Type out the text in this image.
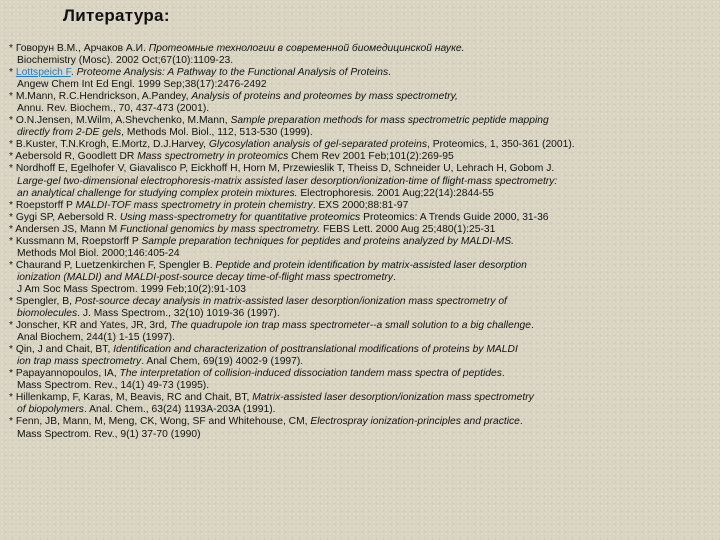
Литература:
* Говорун В.М., Арчаков А.И. Протеомные технологии в современной биомедицинской науке.
Biochemistry (Mosc). 2002 Oct;67(10):1109-23.
* Lottspeich F. Proteome Analysis: A Pathway to the Functional Analysis of Proteins.
Angew Chem Int Ed Engl. 1999 Sep;38(17):2476-2492
* M.Mann, R.C.Hendrickson, A.Pandey, Analysis of proteins and proteomes by mass spectrometry,
Annu. Rev. Biochem., 70, 437-473 (2001).
* O.N.Jensen, M.Wilm, A.Shevchenko, M.Mann, Sample preparation methods for mass spectrometric peptide mapping
directly from 2-DE gels, Methods Mol. Biol., 112, 513-530 (1999).
* B.Kuster, T.N.Krogh, E.Mortz, D.J.Harvey, Glycosylation analysis of gel-separated proteins, Proteomics, 1, 350-361 (2001).
* Aebersold R, Goodlett DR Mass spectrometry in proteomics Chem Rev 2001 Feb;101(2):269-95
* Nordhoff E, Egelhofer V, Giavalisco P, Eickhoff H, Horn M, Przewieslik T, Theiss D, Schneider U, Lehrach H, Gobom J.
Large-gel two-dimensional electrophoresis-matrix assisted laser desorption/ionization-time of flight-mass spectrometry:
an analytical challenge for studying complex protein mixtures. Electrophoresis. 2001 Aug;22(14):2844-55
* Roepstorff P MALDI-TOF mass spectrometry in protein chemistry. EXS 2000;88:81-97
* Gygi SP, Aebersold R. Using mass-spectrometry for quantitative proteomics Proteomics: A Trends Guide 2000, 31-36
* Andersen JS, Mann M Functional genomics by mass spectrometry. FEBS Lett. 2000 Aug 25;480(1):25-31
* Kussmann M, Roepstorff P Sample preparation techniques for peptides and proteins analyzed by MALDI-MS.
Methods Mol Biol. 2000;146:405-24
* Chaurand P, Luetzenkirchen F, Spengler B. Peptide and protein identification by matrix-assisted laser desorption
ionization (MALDI) and MALDI-post-source decay time-of-flight mass spectrometry.
J Am Soc Mass Spectrom. 1999 Feb;10(2):91-103
* Spengler, B, Post-source decay analysis in matrix-assisted laser desorption/ionization mass spectrometry of
biomolecules. J. Mass Spectrom., 32(10) 1019-36 (1997).
* Jonscher, KR and Yates, JR, 3rd, The quadrupole ion trap mass spectrometer--a small solution to a big challenge.
Anal Biochem, 244(1) 1-15 (1997).
* Qin, J and Chait, BT, Identification and characterization of posttranslational modifications of proteins by MALDI
ion trap mass spectrometry. Anal Chem, 69(19) 4002-9 (1997).
* Papayannopoulos, IA, The interpretation of collision-induced dissociation tandem mass spectra of peptides.
Mass Spectrom. Rev., 14(1) 49-73 (1995).
* Hillenkamp, F, Karas, M, Beavis, RC and Chait, BT, Matrix-assisted laser desorption/ionization mass spectrometry
of biopolymers. Anal. Chem., 63(24) 1193A-203A (1991).
* Fenn, JB, Mann, M, Meng, CK, Wong, SF and Whitehouse, CM, Electrospray ionization-principles and practice.
Mass Spectrom. Rev., 9(1) 37-70 (1990)
